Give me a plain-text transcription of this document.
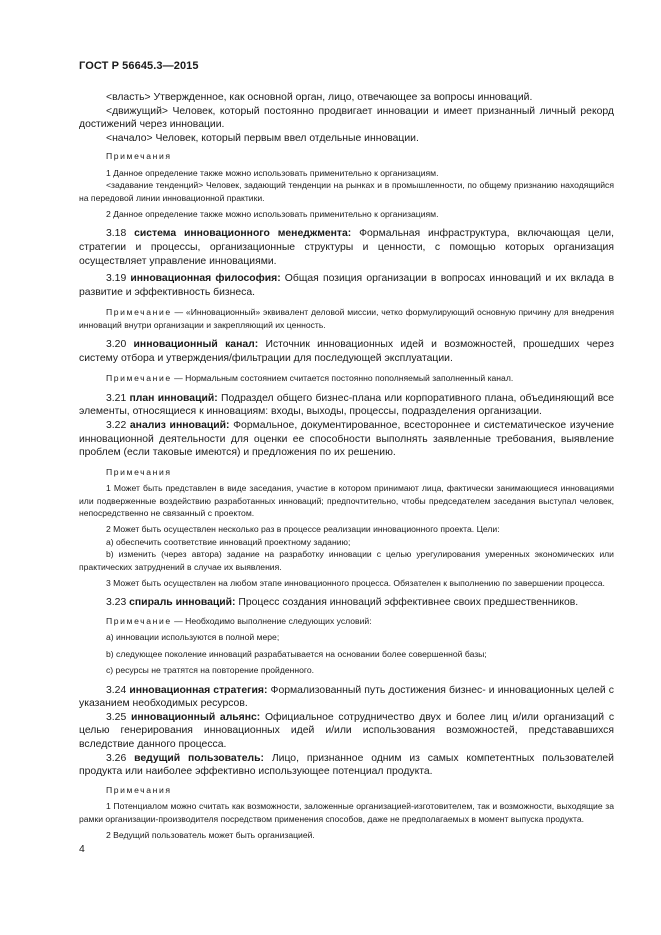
ГОСТ Р 56645.3—2015

<власть> Утвержденное, как основной орган, лицо, отвечающее за вопросы инноваций.

<движущий> Человек, который постоянно продвигает инновации и имеет признанный личный рекорд достижений через инновации.

<начало> Человек, который первым ввел отдельные инновации.

Примечания

1 Данное определение также можно использовать применительно к организациям.

<задавание тенденций> Человек, задающий тенденции на рынках и в промышленности, по общему признанию находящийся на передовой линии инновационной практики.

2 Данное определение также можно использовать применительно к организациям.

3.18 система инновационного менеджмента: Формальная инфраструктура, включающая цели, стратегии и процессы, организационные структуры и ценности, с помощью которых организация осуществляет управление инновациями.

3.19 инновационная философия: Общая позиция организации в вопросах инноваций и их вклада в развитие и эффективность бизнеса.

Примечание — «Инновационный» эквивалент деловой миссии, четко формулирующий основную причину для внедрения инноваций внутри организации и закрепляющий их ценность.

3.20 инновационный канал: Источник инновационных идей и возможностей, прошедших через систему отбора и утверждения/фильтрации для последующей эксплуатации.

Примечание — Нормальным состоянием считается постоянно пополняемый заполненный канал.

3.21 план инноваций: Подраздел общего бизнес-плана или корпоративного плана, объединяющий все элементы, относящиеся к инновациям: входы, выходы, процессы, подразделения организации.

3.22 анализ инноваций: Формальное, документированное, всестороннее и систематическое изучение инновационной деятельности для оценки ее способности выполнять заявленные требования, выявление проблем (если таковые имеются) и предложения по их решению.

Примечания

1 Может быть представлен в виде заседания, участие в котором принимают лица, фактически занимающиеся инновациями или подверженные воздействию разработанных инноваций; предпочтительно, чтобы председателем заседания выступал человек, непосредственно не связанный с проектом.

2 Может быть осуществлен несколько раз в процессе реализации инновационного проекта. Цели:

а) обеспечить соответствие инноваций проектному заданию;

b) изменить (через автора) задание на разработку инновации с целью урегулирования умеренных экономических или практических затруднений в случае их выявления.

3 Может быть осуществлен на любом этапе инновационного процесса. Обязателен к выполнению по завершении процесса.

3.23 спираль инноваций: Процесс создания инноваций эффективнее своих предшественников.

Примечание — Необходимо выполнение следующих условий:

a) инновации используются в полной мере;

b) следующее поколение инноваций разрабатывается на основании более совершенной базы;

c) ресурсы не тратятся на повторение пройденного.

3.24 инновационная стратегия: Формализованный путь достижения бизнес- и инновационных целей с указанием необходимых ресурсов.

3.25 инновационный альянс: Официальное сотрудничество двух и более лиц и/или организаций с целью генерирования инновационных идей и/или использования возможностей, представавшихся вследствие данного процесса.

3.26 ведущий пользователь: Лицо, признанное одним из самых компетентных пользователей продукта или наиболее эффективно использующее потенциал продукта.

Примечания

1 Потенциалом можно считать как возможности, заложенные организацией-изготовителем, так и возможности, выходящие за рамки организации-производителя посредством применения способов, даже не предполагаемых в момент выпуска продукта.

2 Ведущий пользователь может быть организацией.

4
